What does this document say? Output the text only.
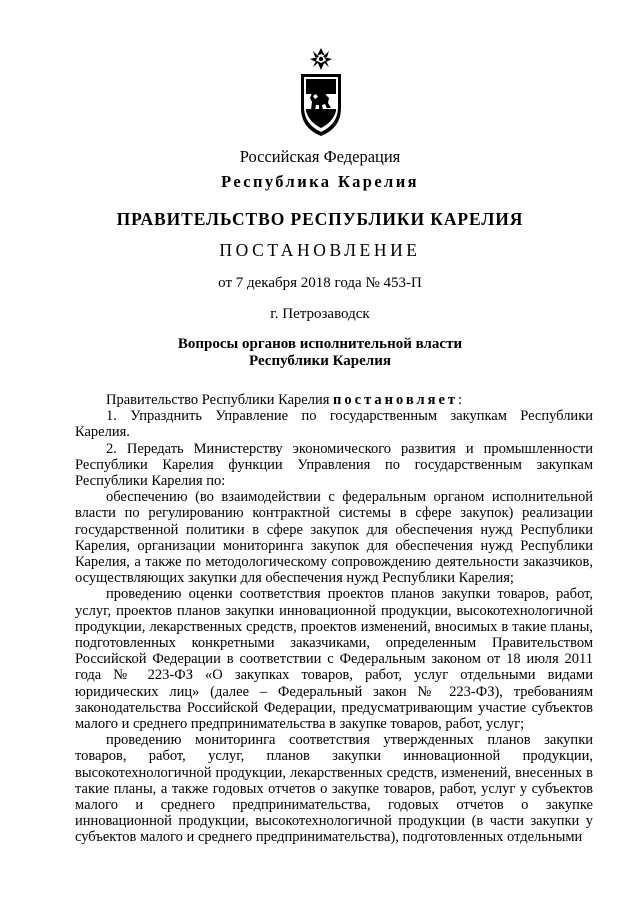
Российская Федерация
Республика Карелия
ПРАВИТЕЛЬСТВО РЕСПУБЛИКИ КАРЕЛИЯ
ПОСТАНОВЛЕНИЕ
от 7 декабря 2018 года № 453-П
г. Петрозаводск
Вопросы органов исполнительной власти
Республики Карелия

Правительство Республики Карелия постановляет:

1. Упразднить Управление по государственным закупкам Республики Карелия.

2. Передать Министерству экономического развития и промышленности Республики Карелия функции Управления по государственным закупкам Республики Карелия по:

обеспечению (во взаимодействии с федеральным органом исполнительной власти по регулированию контрактной системы в сфере закупок) реализации государственной политики в сфере закупок для обеспечения нужд Республики Карелия, организации мониторинга закупок для обеспечения нужд Республики Карелия, а также по методологическому сопровождению деятельности заказчиков, осуществляющих закупки для обеспечения нужд Республики Карелия;

проведению оценки соответствия проектов планов закупки товаров, работ, услуг, проектов планов закупки инновационной продукции, высокотехнологичной продукции, лекарственных средств, проектов изменений, вносимых в такие планы, подготовленных конкретными заказчиками, определенным Правительством Российской Федерации в соответствии с Федеральным законом от 18 июля 2011 года № 223-ФЗ «О закупках товаров, работ, услуг отдельными видами юридических лиц» (далее – Федеральный закон № 223-ФЗ), требованиям законодательства Российской Федерации, предусматривающим участие субъектов малого и среднего предпринимательства в закупке товаров, работ, услуг;

проведению мониторинга соответствия утвержденных планов закупки товаров, работ, услуг, планов закупки инновационной продукции, высокотехнологичной продукции, лекарственных средств, изменений, внесенных в такие планы, а также годовых отчетов о закупке товаров, работ, услуг у субъектов малого и среднего предпринимательства, годовых отчетов о закупке инновационной продукции, высокотехнологичной продукции (в части закупки у субъектов малого и среднего предпринимательства), подготовленных отдельными
